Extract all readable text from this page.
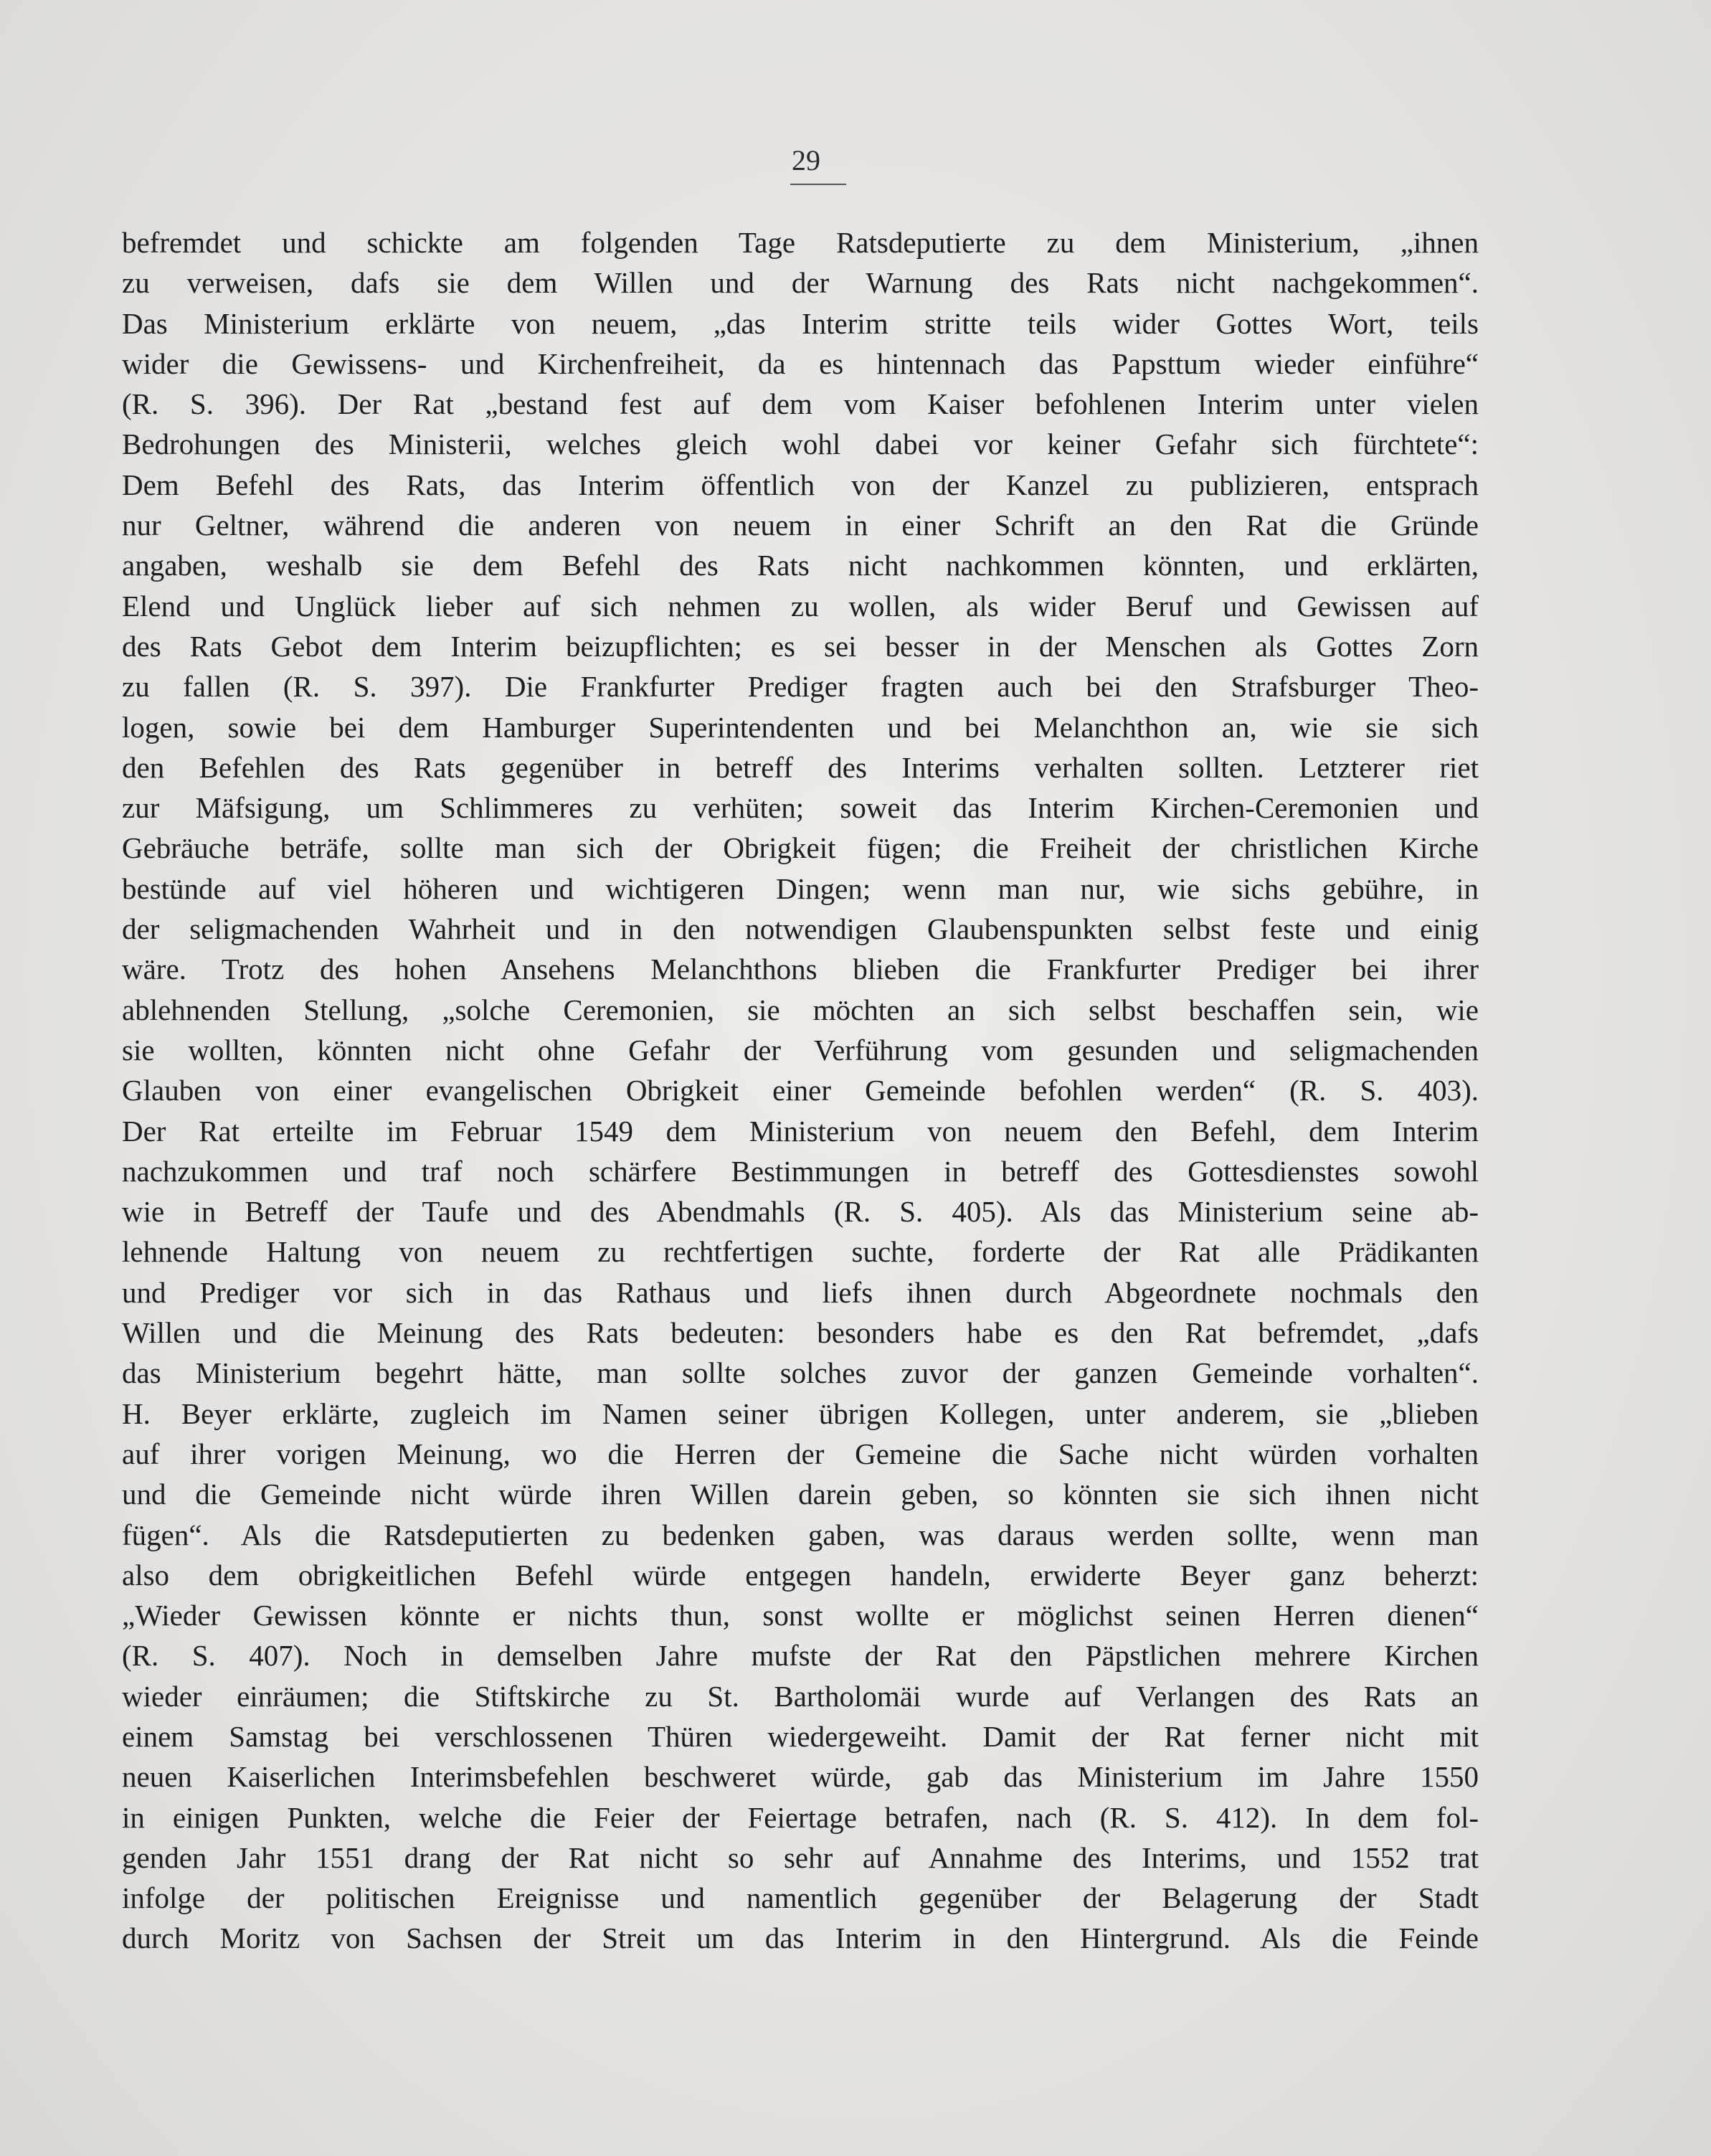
29
befremdet und schickte am folgenden Tage Ratsdeputierte zu dem Ministerium, „ihnen
zu verweisen, dafs sie dem Willen und der Warnung des Rats nicht nachgekommen“.
Das Ministerium erklärte von neuem, „das Interim stritte teils wider Gottes Wort, teils
wider die Gewissens- und Kirchenfreiheit, da es hintennach das Papsttum wieder einführe“
(R. S. 396). Der Rat „bestand fest auf dem vom Kaiser befohlenen Interim unter vielen
Bedrohungen des Ministerii, welches gleich wohl dabei vor keiner Gefahr sich fürchtete“:
Dem Befehl des Rats, das Interim öffentlich von der Kanzel zu publizieren, entsprach
nur Geltner, während die anderen von neuem in einer Schrift an den Rat die Gründe
angaben, weshalb sie dem Befehl des Rats nicht nachkommen könnten, und erklärten,
Elend und Unglück lieber auf sich nehmen zu wollen, als wider Beruf und Gewissen auf
des Rats Gebot dem Interim beizupflichten; es sei besser in der Menschen als Gottes Zorn
zu fallen (R. S. 397). Die Frankfurter Prediger fragten auch bei den Strafsburger Theo-
logen, sowie bei dem Hamburger Superintendenten und bei Melanchthon an, wie sie sich
den Befehlen des Rats gegenüber in betreff des Interims verhalten sollten. Letzterer riet
zur Mäfsigung, um Schlimmeres zu verhüten; soweit das Interim Kirchen-Ceremonien und
Gebräuche beträfe, sollte man sich der Obrigkeit fügen; die Freiheit der christlichen Kirche
bestünde auf viel höheren und wichtigeren Dingen; wenn man nur, wie sichs gebühre, in
der seligmachenden Wahrheit und in den notwendigen Glaubenspunkten selbst feste und einig
wäre. Trotz des hohen Ansehens Melanchthons blieben die Frankfurter Prediger bei ihrer
ablehnenden Stellung, „solche Ceremonien, sie möchten an sich selbst beschaffen sein, wie
sie wollten, könnten nicht ohne Gefahr der Verführung vom gesunden und seligmachenden
Glauben von einer evangelischen Obrigkeit einer Gemeinde befohlen werden“ (R. S. 403).
Der Rat erteilte im Februar 1549 dem Ministerium von neuem den Befehl, dem Interim
nachzukommen und traf noch schärfere Bestimmungen in betreff des Gottesdienstes sowohl
wie in Betreff der Taufe und des Abendmahls (R. S. 405). Als das Ministerium seine ab-
lehnende Haltung von neuem zu rechtfertigen suchte, forderte der Rat alle Prädikanten
und Prediger vor sich in das Rathaus und liefs ihnen durch Abgeordnete nochmals den
Willen und die Meinung des Rats bedeuten: besonders habe es den Rat befremdet, „dafs
das Ministerium begehrt hätte, man sollte solches zuvor der ganzen Gemeinde vorhalten“.
H. Beyer erklärte, zugleich im Namen seiner übrigen Kollegen, unter anderem, sie „blieben
auf ihrer vorigen Meinung, wo die Herren der Gemeine die Sache nicht würden vorhalten
und die Gemeinde nicht würde ihren Willen darein geben, so könnten sie sich ihnen nicht
fügen“. Als die Ratsdeputierten zu bedenken gaben, was daraus werden sollte, wenn man
also dem obrigkeitlichen Befehl würde entgegen handeln, erwiderte Beyer ganz beherzt:
„Wieder Gewissen könnte er nichts thun, sonst wollte er möglichst seinen Herren dienen“
(R. S. 407). Noch in demselben Jahre mufste der Rat den Päpstlichen mehrere Kirchen
wieder einräumen; die Stiftskirche zu St. Bartholomäi wurde auf Verlangen des Rats an
einem Samstag bei verschlossenen Thüren wiedergeweiht. Damit der Rat ferner nicht mit
neuen Kaiserlichen Interimsbefehlen beschweret würde, gab das Ministerium im Jahre 1550
in einigen Punkten, welche die Feier der Feiertage betrafen, nach (R. S. 412). In dem fol-
genden Jahr 1551 drang der Rat nicht so sehr auf Annahme des Interims, und 1552 trat
infolge der politischen Ereignisse und namentlich gegenüber der Belagerung der Stadt
durch Moritz von Sachsen der Streit um das Interim in den Hintergrund. Als die Feinde
